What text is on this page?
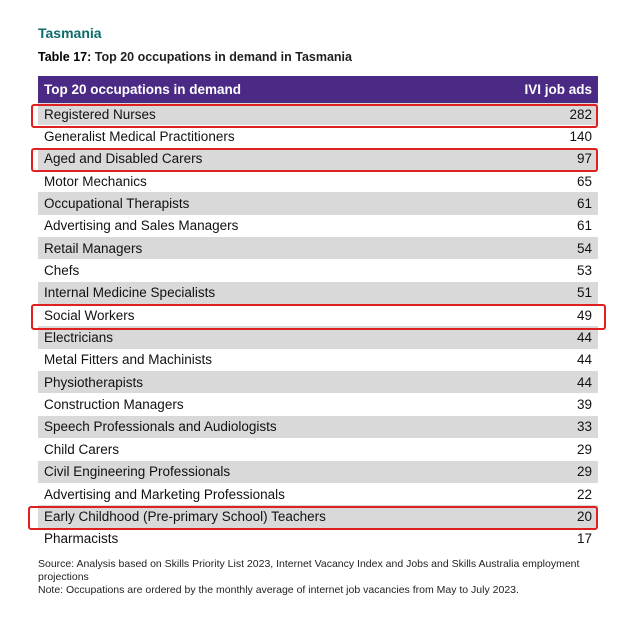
Tasmania
Table 17: Top 20 occupations in demand in Tasmania
Top 20 occupations in demand	IVI job ads
Registered Nurses	282
Generalist Medical Practitioners	140
Aged and Disabled Carers	97
Motor Mechanics	65
Occupational Therapists	61
Advertising and Sales Managers	61
Retail Managers	54
Chefs	53
Internal Medicine Specialists	51
Social Workers	49
Electricians	44
Metal Fitters and Machinists	44
Physiotherapists	44
Construction Managers	39
Speech Professionals and Audiologists	33
Child Carers	29
Civil Engineering Professionals	29
Advertising and Marketing Professionals	22
Early Childhood (Pre-primary School) Teachers	20
Pharmacists	17
Source: Analysis based on Skills Priority List 2023, Internet Vacancy Index and Jobs and Skills Australia employment projections
Note: Occupations are ordered by the monthly average of internet job vacancies from May to July 2023.
